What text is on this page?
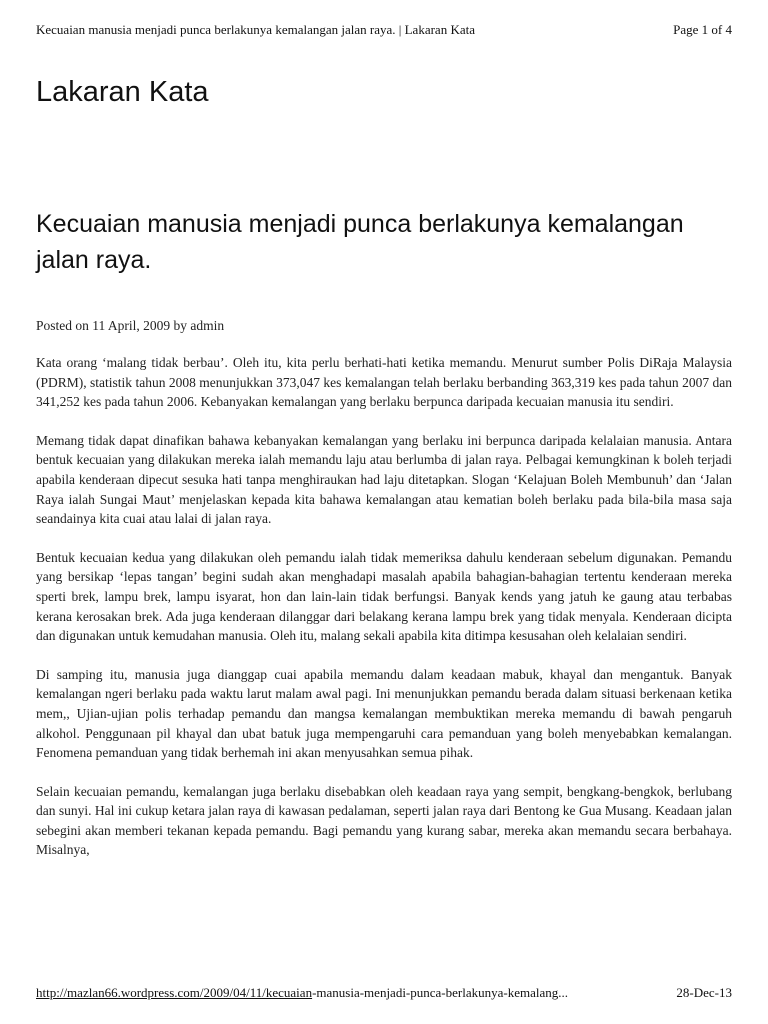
Kecuaian manusia menjadi punca berlakunya kemalangan jalan raya. | Lakaran Kata	Page 1 of 4
Lakaran Kata
Kecuaian manusia menjadi punca berlakunya kemalangan jalan raya.
Posted on 11 April, 2009 by admin

Kata orang ‘malang tidak berbau’. Oleh itu, kita perlu berhati-hati ketika memandu. Menurut sumber Polis DiRaja Malaysia (PDRM), statistik tahun 2008 menunjukkan 373,047 kes kemalangan telah berlaku berbanding 363,319 kes pada tahun 2007 dan 341,252 kes pada tahun 2006. Kebanyakan kemalangan yang berlaku berpunca daripada kecuaian manusia itu sendiri.

Memang tidak dapat dinafikan bahawa kebanyakan kemalangan yang berlaku ini berpunca daripada kelalaian manusia. Antara bentuk kecuaian yang dilakukan mereka ialah memandu laju atau berlumba di jalan raya. Pelbagai kemungkinan k boleh terjadi apabila kenderaan dipecut sesuka hati tanpa menghiraukan had laju ditetapkan. Slogan ‘Kelajuan Boleh Membunuh’ dan ‘Jalan Raya ialah Sungai Maut’ menjelaskan kepada kita bahawa kemalangan atau kematian boleh berlaku pada bila-bila masa saja seandainya kita cuai atau lalai di jalan raya.

Bentuk kecuaian kedua yang dilakukan oleh pemandu ialah tidak memeriksa dahulu kenderaan sebelum digunakan. Pemandu yang bersikap ‘lepas tangan’ begini sudah akan menghadapi masalah apabila bahagian-bahagian tertentu kenderaan mereka sperti brek, lampu brek, lampu isyarat, hon dan lain-lain tidak berfungsi. Banyak kends yang jatuh ke gaung atau terbabas kerana kerosakan brek. Ada juga kenderaan dilanggar dari belakang kerana lampu brek yang tidak menyala. Kenderaan dicipta dan digunakan untuk kemudahan manusia. Oleh itu, malang sekali apabila kita ditimpa kesusahan oleh kelalaian sendiri.

Di samping itu, manusia juga dianggap cuai apabila memandu dalam keadaan mabuk, khayal dan mengantuk. Banyak kemalangan ngeri berlaku pada waktu larut malam awal pagi. Ini menunjukkan pemandu berada dalam situasi berkenaan ketika mem,, Ujian-ujian polis terhadap pemandu dan mangsa kemalangan membuktikan mereka memandu di bawah pengaruh alkohol. Penggunaan pil khayal dan ubat batuk juga mempengaruhi cara pemanduan yang boleh menyebabkan kemalangan. Fenomena pemanduan yang tidak berhemah ini akan menyusahkan semua pihak.

Selain kecuaian pemandu, kemalangan juga berlaku disebabkan oleh keadaan raya yang sempit, bengkang-bengkok, berlubang dan sunyi. Hal ini cukup ketara jalan raya di kawasan pedalaman, seperti jalan raya dari Bentong ke Gua Musang. Keadaan jalan sebegini akan memberi tekanan kepada pemandu. Bagi pemandu yang kurang sabar, mereka akan memandu secara berbahaya. Misalnya,

http://mazlan66.wordpress.com/2009/04/11/kecuaian-manusia-menjadi-punca-berlakunya-kemalang...	28-Dec-13
